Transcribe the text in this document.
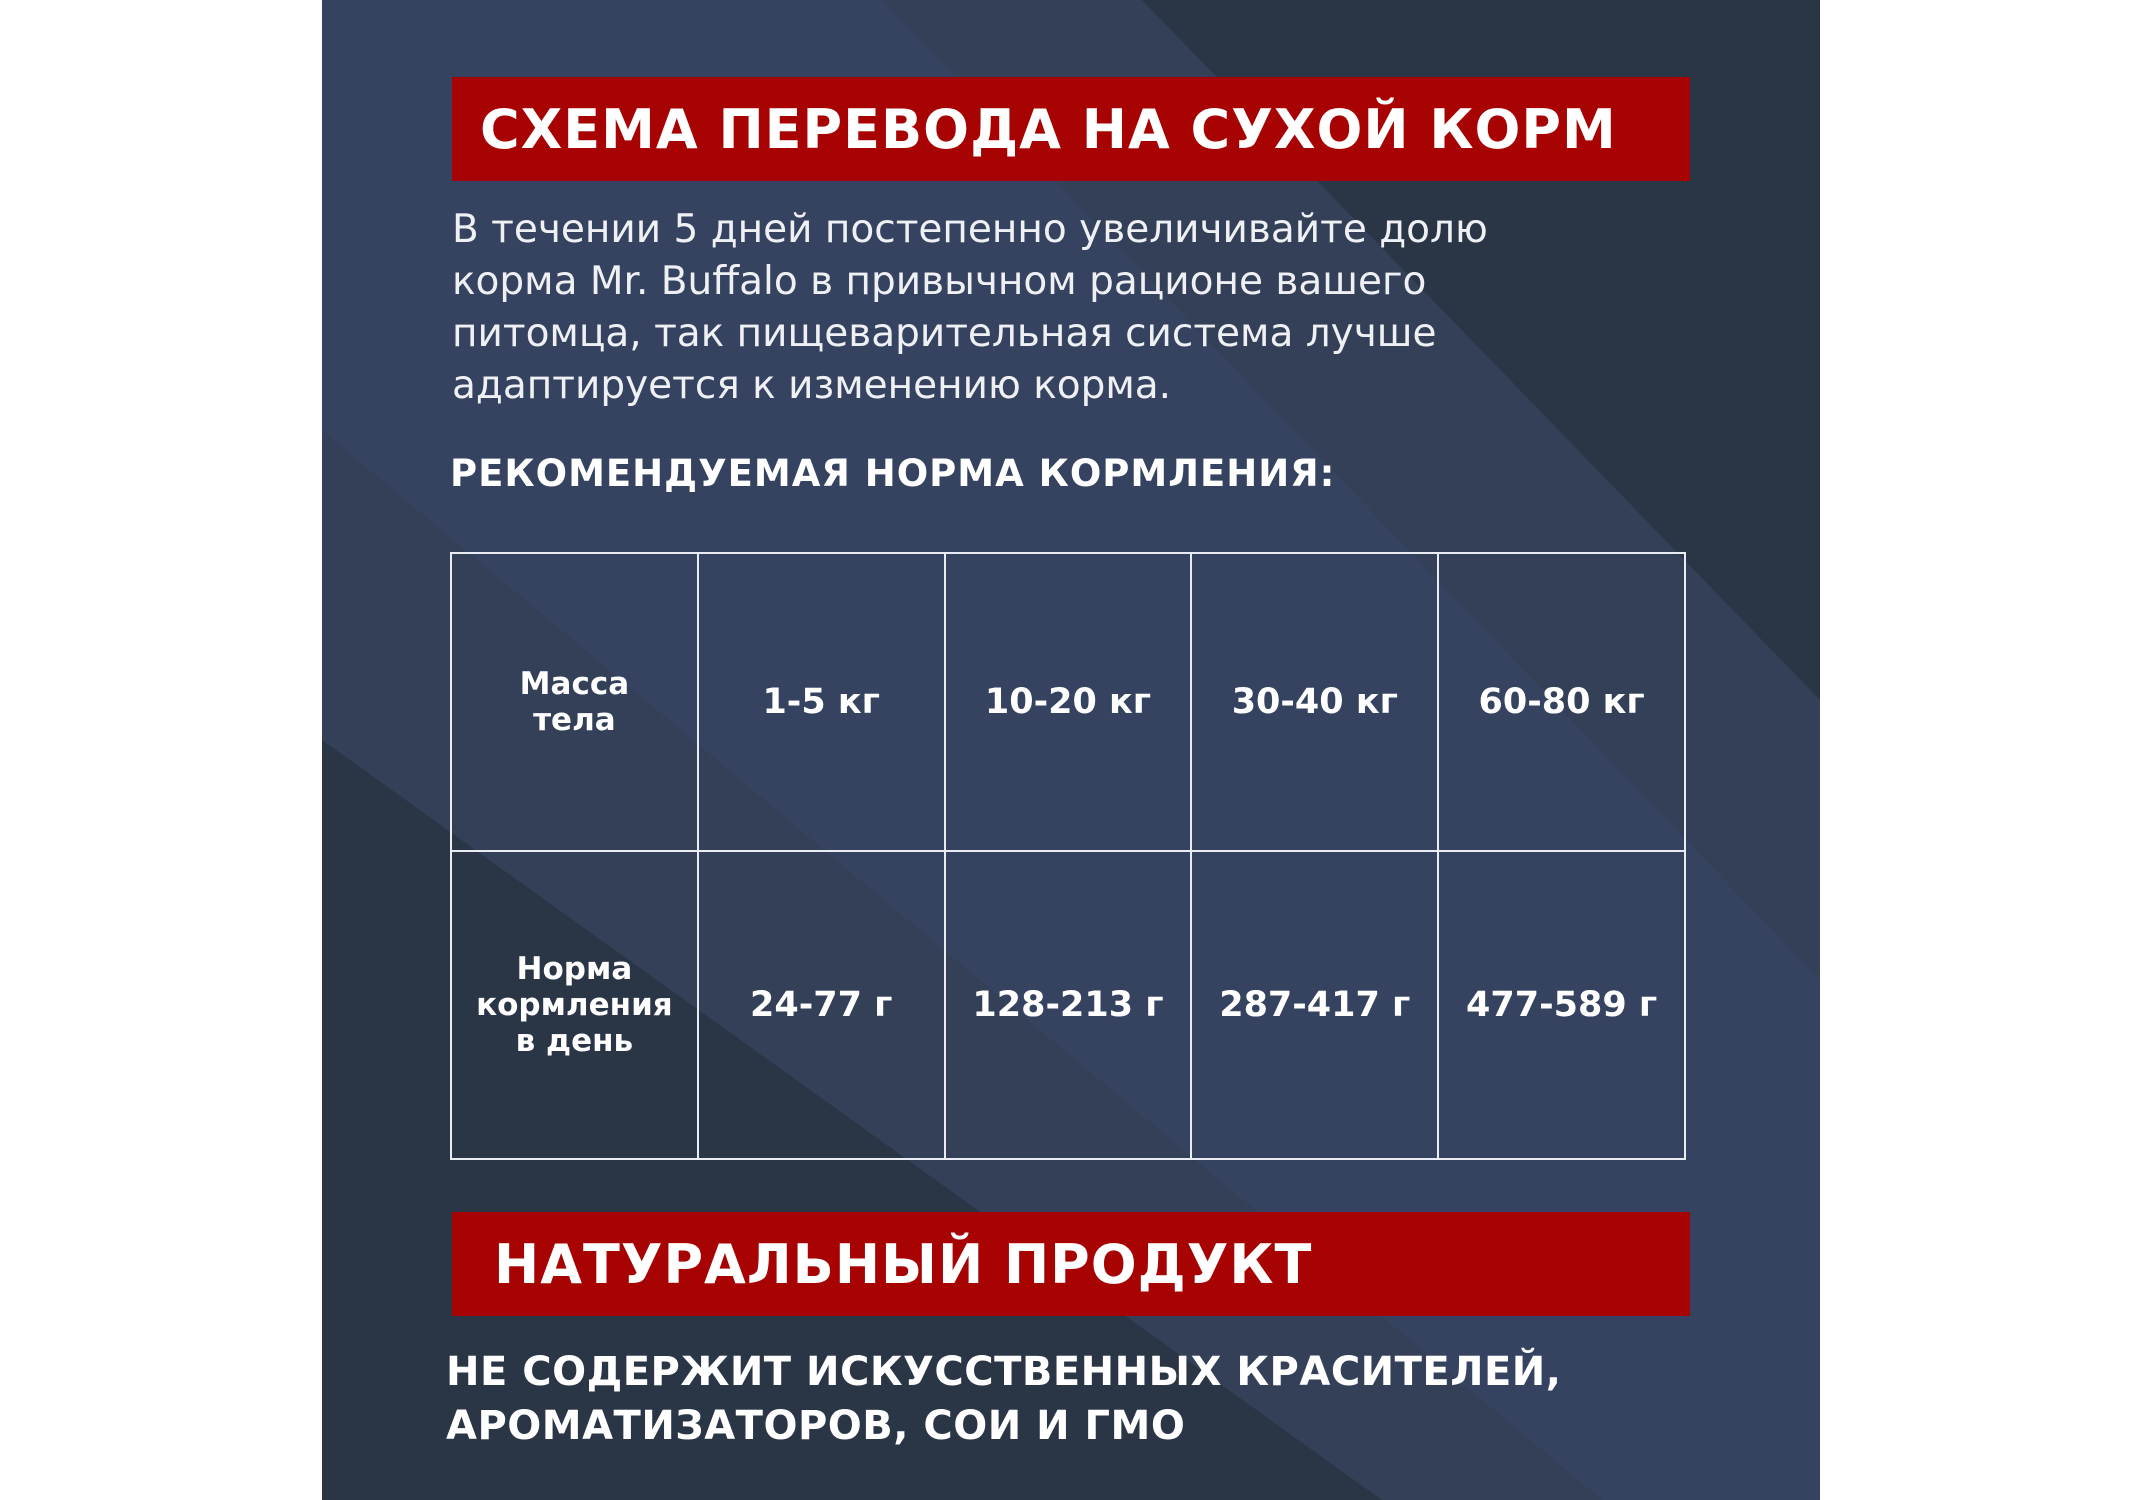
СХЕМА ПЕРЕВОДА НА СУХОЙ КОРМ
В течении 5 дней постепенно увеличивайте долю
корма Mr. Buffalo в привычном рационе вашего
питомца, так пищеварительная система лучше
адаптируется к изменению корма.
РЕКОМЕНДУЕМАЯ НОРМА КОРМЛЕНИЯ:
Масса
тела	1-5 кг	10-20 кг	30-40 кг	60-80 кг

Норма
кормления
в день	24-77 г	128-213 г	287-417 г	477-589 г
НАТУРАЛЬНЫЙ ПРОДУКТ
НЕ СОДЕРЖИТ ИСКУССТВЕННЫХ КРАСИТЕЛЕЙ,
АРОМАТИЗАТОРОВ, СОИ И ГМО
